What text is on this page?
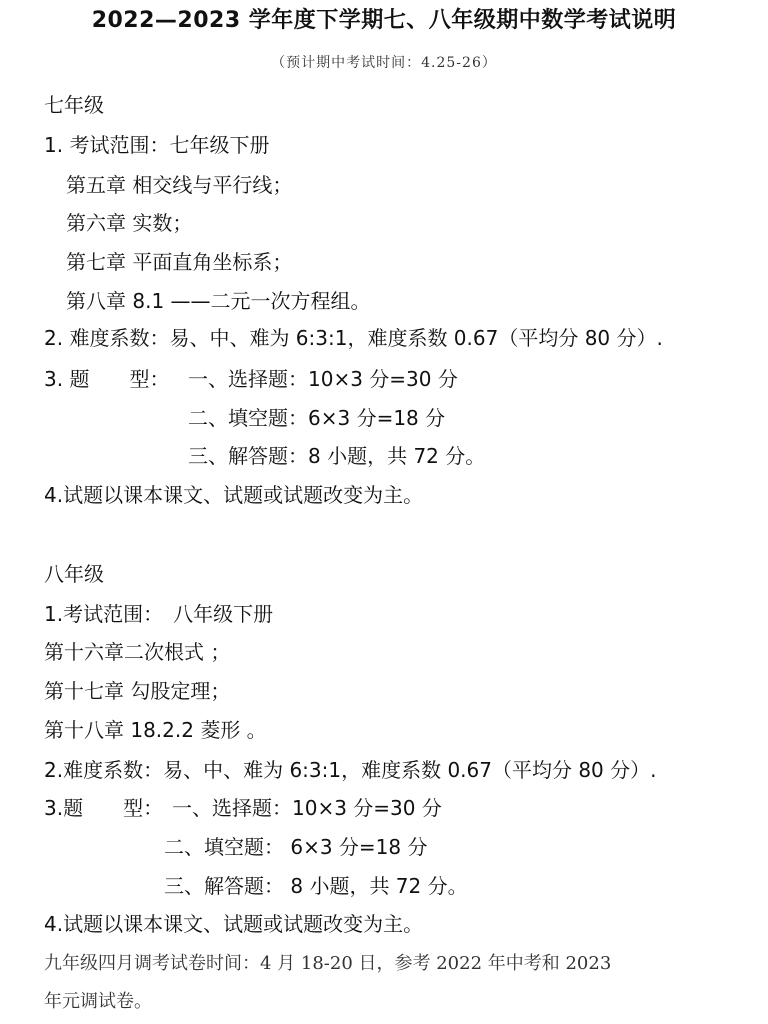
2022—2023 学年度下学期七、八年级期中数学考试说明
（预计期中考试时间：4.25-26）
七年级
1. 考试范围：七年级下册
第五章 相交线与平行线；
第六章 实数；
第七章 平面直角坐标系；
第八章 8.1 ——二元一次方程组。
2. 难度系数：易、中、难为 6:3:1，难度系数 0.67（平均分 80 分）.
3. 题　　型： 一、选择题：10×3 分=30 分
二、填空题：6×3 分=18 分
三、解答题：8 小题，共 72 分。
4.试题以课本课文、试题或试题改变为主。
八年级
1.考试范围：　八年级下册
第十六章二次根式 ；
第十七章 勾股定理；
第十八章 18.2.2 菱形 。
2.难度系数：易、中、难为 6:3:1，难度系数 0.67（平均分 80 分）.
3.题　　型： 一、选择题：10×3 分=30 分
二、填空题： 6×3 分=18 分
三、解答题： 8 小题，共 72 分。
4.试题以课本课文、试题或试题改变为主。
九年级四月调考试卷时间：4 月 18-20 日，参考 2022 年中考和 2023
年元调试卷。
